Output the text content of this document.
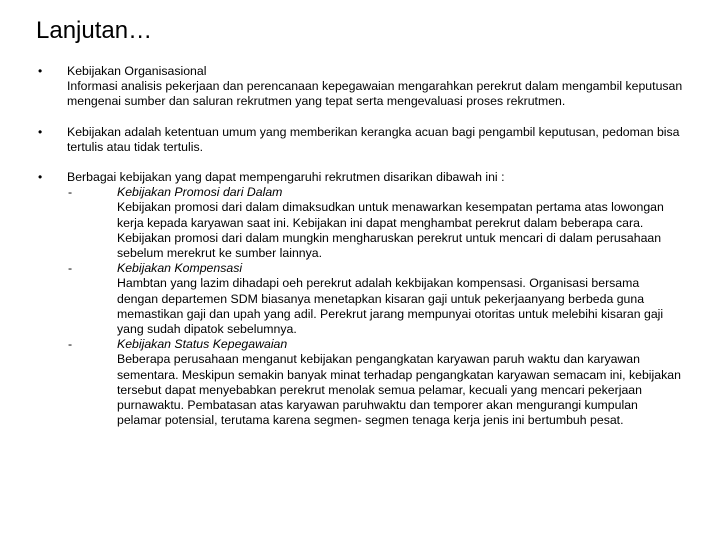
Lanjutan…
• Kebijakan Organisasional

Informasi analisis pekerjaan dan perencanaan kepegawaian mengarahkan perekrut dalam mengambil keputusan mengenai sumber dan saluran rekrutmen yang tepat serta mengevaluasi proses rekrutmen.

• Kebijakan adalah ketentuan umum yang memberikan kerangka acuan bagi pengambil keputusan, pedoman bisa tertulis atau tidak tertulis.

• Berbagai kebijakan yang dapat mempengaruhi rekrutmen disarikan dibawah ini :

-	Kebijakan Promosi dari Dalam

Kebijakan promosi dari dalam dimaksudkan untuk menawarkan kesempatan pertama atas lowongan kerja kepada karyawan saat ini. Kebijakan ini dapat menghambat perekrut dalam beberapa cara. Kebijakan promosi dari dalam mungkin mengharuskan perekrut untuk mencari di dalam perusahaan sebelum merekrut ke sumber lainnya.

-	Kebijakan Kompensasi

Hambtan yang lazim dihadapi oeh perekrut adalah kekbijakan kompensasi. Organisasi bersama dengan departemen SDM biasanya menetapkan kisaran gaji untuk pekerjaanyang berbeda guna memastikan gaji dan upah yang adil. Perekrut jarang mempunyai otoritas untuk melebihi kisaran gaji yang sudah dipatok sebelumnya.

-	Kebijakan Status Kepegawaian

Beberapa perusahaan menganut kebijakan pengangkatan karyawan paruh waktu dan karyawan sementara. Meskipun semakin banyak minat terhadap pengangkatan karyawan semacam ini, kebijakan tersebut dapat menyebabkan perekrut menolak semua pelamar, kecuali yang mencari pekerjaan purnawaktu. Pembatasan atas karyawan paruhwaktu dan temporer akan mengurangi kumpulan pelamar potensial, terutama karena segmen- segmen tenaga kerja jenis ini bertumbuh pesat.
